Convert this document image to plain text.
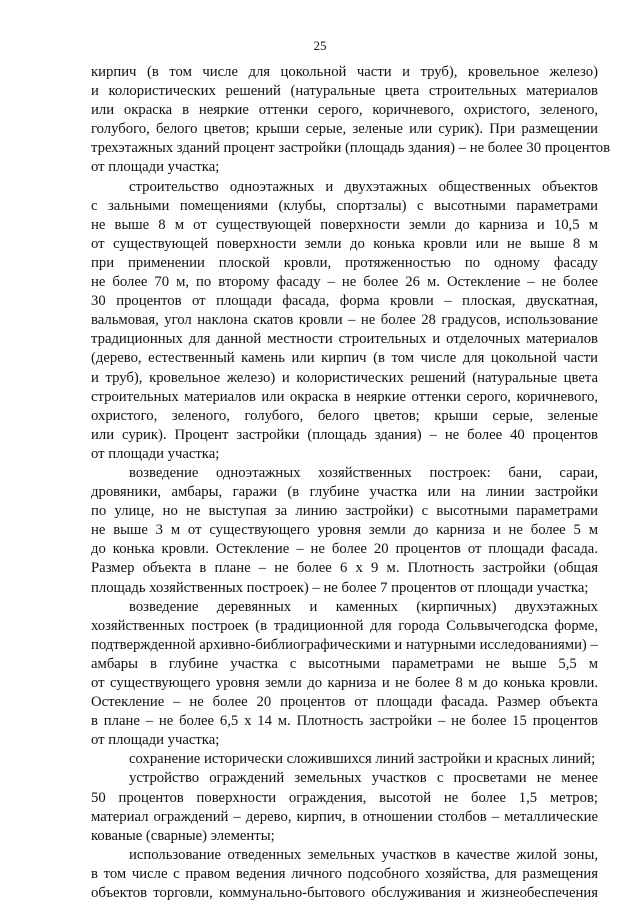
25
кирпич (в том числе для цокольной части и труб), кровельное железо)
и колористических решений (натуральные цвета строительных материалов
или окраска в неяркие оттенки серого, коричневого, охристого, зеленого,
голубого, белого цветов; крыши серые, зеленые или сурик). При размещении
трехэтажных зданий процент застройки (площадь здания) – не более 30 процентов
от площади участка;
строительство одноэтажных и двухэтажных общественных объектов
с зальными помещениями (клубы, спортзалы) с высотными параметрами
не выше 8 м от существующей поверхности земли до карниза и 10,5 м
от существующей поверхности земли до конька кровли или не выше 8 м
при применении плоской кровли, протяженностью по одному фасаду
не более 70 м, по второму фасаду – не более 26 м. Остекление – не более
30 процентов от площади фасада, форма кровли – плоская, двускатная,
вальмовая, угол наклона скатов кровли – не более 28 градусов, использование
традиционных для данной местности строительных и отделочных материалов
(дерево, естественный камень или кирпич (в том числе для цокольной части
и труб), кровельное железо) и колористических решений (натуральные цвета
строительных материалов или окраска в неяркие оттенки серого, коричневого,
охристого, зеленого, голубого, белого цветов; крыши серые, зеленые
или сурик). Процент застройки (площадь здания) – не более 40 процентов
от площади участка;
возведение одноэтажных хозяйственных построек: бани, сараи,
дровяники, амбары, гаражи (в глубине участка или на линии застройки
по улице, но не выступая за линию застройки) с высотными параметрами
не выше 3 м от существующего уровня земли до карниза и не более 5 м
до конька кровли. Остекление – не более 20 процентов от площади фасада.
Размер объекта в плане – не более 6 х 9 м. Плотность застройки (общая
площадь хозяйственных построек) – не более 7 процентов от площади участка;
возведение деревянных и каменных (кирпичных) двухэтажных
хозяйственных построек (в традиционной для города Сольвычегодска форме,
подтвержденной архивно-библиографическими и натурными исследованиями) –
амбары в глубине участка с высотными параметрами не выше 5,5 м
от существующего уровня земли до карниза и не более 8 м до конька кровли.
Остекление – не более 20 процентов от площади фасада. Размер объекта
в плане – не более 6,5 х 14 м. Плотность застройки – не более 15 процентов
от площади участка;
сохранение исторически сложившихся линий застройки и красных линий;
устройство ограждений земельных участков с просветами не менее
50 процентов поверхности ограждения, высотой не более 1,5 метров;
материал ограждений – дерево, кирпич, в отношении столбов – металлические
кованые (сварные) элементы;
использование отведенных земельных участков в качестве жилой зоны,
в том числе с правом ведения личного подсобного хозяйства, для размещения
объектов торговли, коммунально-бытового обслуживания и жизнеобеспечения
